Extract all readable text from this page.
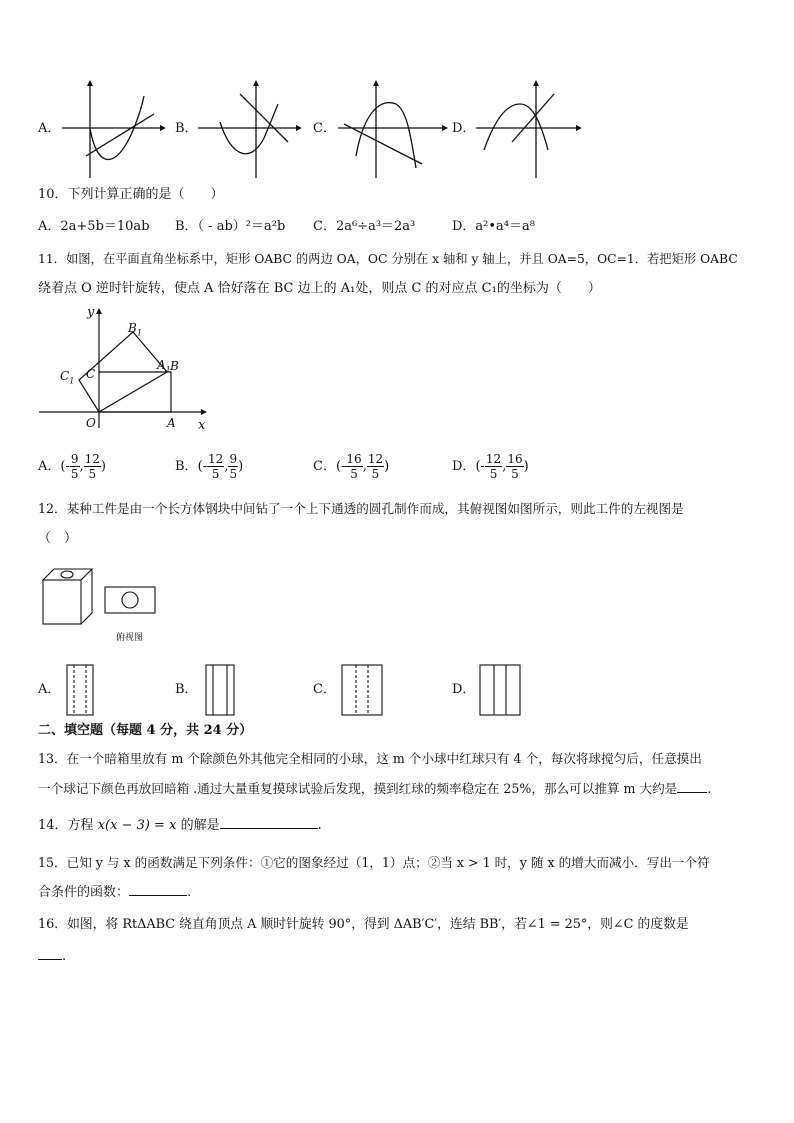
A．	B．	C．	D．
10．下列计算正确的是（　　）
A．2a+5b＝10ab B．（ - ab）²＝a²b C．2a⁶÷a³＝2a³	D．a²•a⁴＝a⁸
11．如图，在平面直角坐标系中，矩形 OABC 的两边 OA，OC 分别在 x 轴和 y 轴上，并且 OA=5，OC=1．若把矩形 OABC
绕着点 O 逆时针旋转，使点 A 恰好落在 BC 边上的 A₁处，则点 C 的对应点 C₁的坐标为（　　）
y
x
O	A
B
C
$A_1$
$B_1$
$C_1$
A．(- $\frac{9}{5}$ , $\frac{12}{5}$ )	B．(- $\frac{12}{5}$ , $\frac{9}{5}$ )	C．(- $\frac{16}{5}$ , $\frac{12}{5}$ )	D．(- $\frac{12}{5}$ , $\frac{16}{5}$ )
12．某种工件是由一个长方体钢块中间钻了一个上下通透的圆孔制作而成，其俯视图如图所示，则此工件的左视图是
（　）
俯视图
A．	B．	C．	D．
二、填空题（每题 4 分，共 24 分）
13．在一个暗箱里放有 m 个除颜色外其他完全相同的小球，这 m 个小球中红球只有 4 个，每次将球搅匀后，任意摸出
一个球记下颜色再放回暗箱 .通过大量重复摸球试验后发现，摸到红球的频率稳定在 25%，那么可以推算 m 大约是 .
14．方程 x(x − 3) = x 的解是	.
15．已知 y 与 x 的函数满足下列条件：①它的图象经过（1，1）点；②当 x > 1 时，y 随 x 的增大而减小．写出一个符
合条件的函数：	.
16．如图，将 RtΔABC 绕直角顶点 A 顺时针旋转 90°，得到 ΔAB′C′，连结 BB′，若∠1 = 25°，则∠C 的度数是
.
